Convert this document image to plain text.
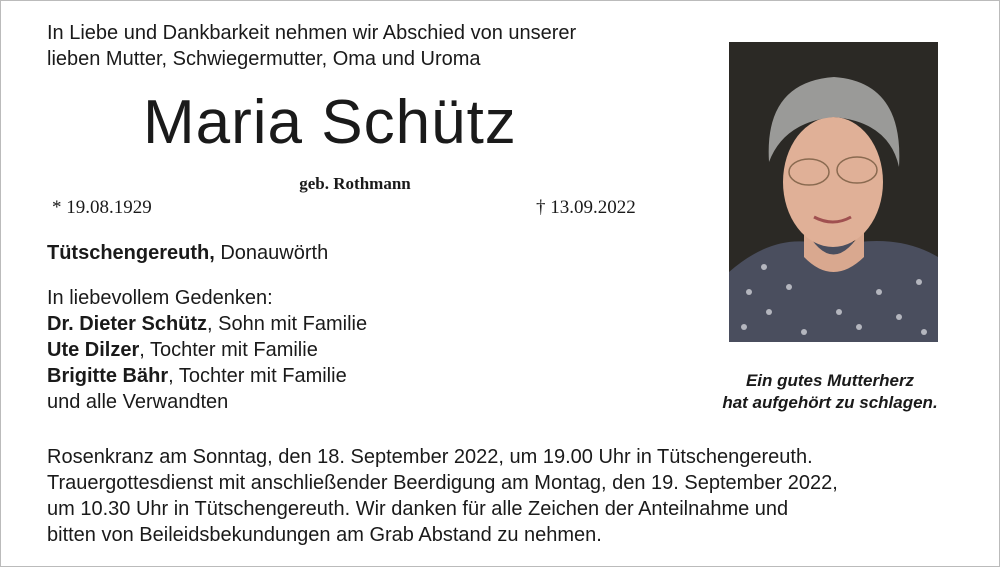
In Liebe und Dankbarkeit nehmen wir Abschied von unserer
lieben Mutter, Schwiegermutter, Oma und Uroma
Maria Schütz
geb. Rothmann
* 19.08.1929	† 13.09.2022
Tütschengereuth, Donauwörth
In liebevollem Gedenken:
Dr. Dieter Schütz, Sohn mit Familie
Ute Dilzer, Tochter mit Familie
Brigitte Bähr, Tochter mit Familie
und alle Verwandten
Ein gutes Mutterherz
hat aufgehört zu schlagen.
Rosenkranz am Sonntag, den 18. September 2022, um 19.00 Uhr in Tütschengereuth.
Trauergottesdienst mit anschließender Beerdigung am Montag, den 19. September 2022,
um 10.30 Uhr in Tütschengereuth. Wir danken für alle Zeichen der Anteilnahme und
bitten von Beileidsbekundungen am Grab Abstand zu nehmen.
